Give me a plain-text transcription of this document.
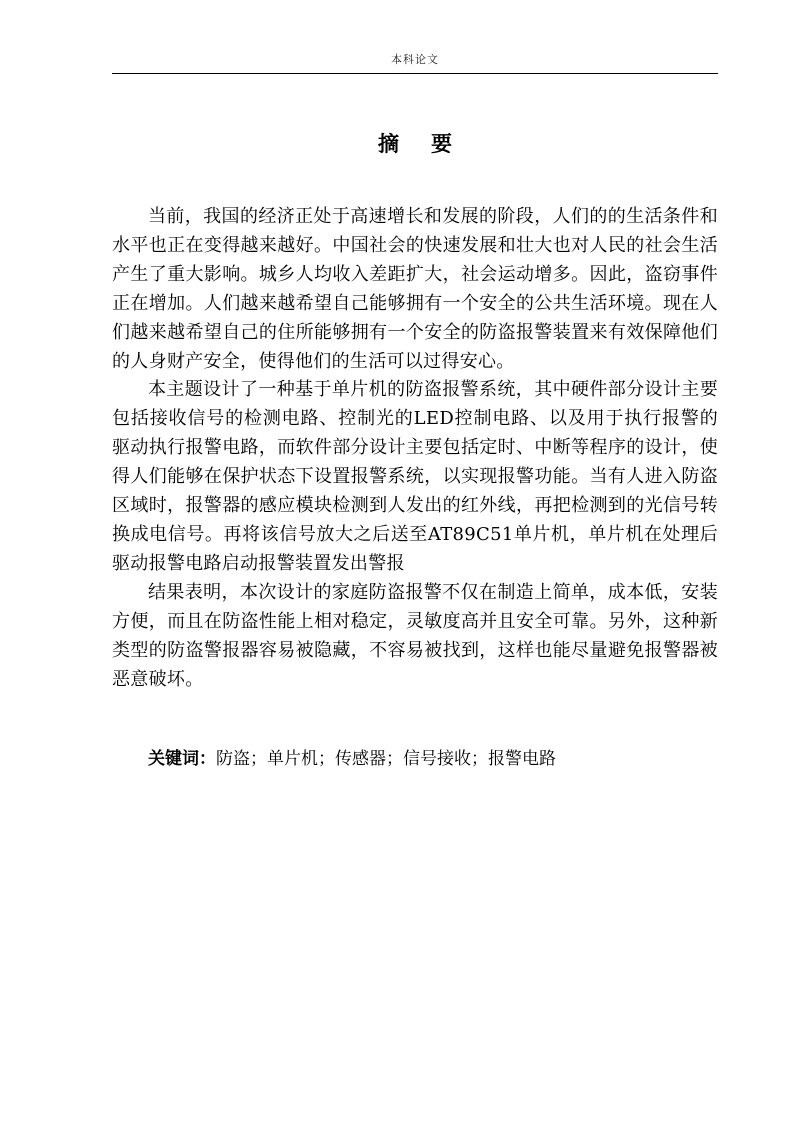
本科论文
摘要

当前，我国的经济正处于高速增长和发展的阶段，人们的的生活条件和水平也正在变得越来越好。中国社会的快速发展和壮大也对人民的社会生活产生了重大影响。城乡人均收入差距扩大，社会运动增多。因此，盗窃事件正在增加。人们越来越希望自己能够拥有一个安全的公共生活环境。现在人们越来越希望自己的住所能够拥有一个安全的防盗报警装置来有效保障他们的人身财产安全，使得他们的生活可以过得安心。

本主题设计了一种基于单片机的防盗报警系统，其中硬件部分设计主要包括接收信号的检测电路、控制光的LED控制电路、以及用于执行报警的驱动执行报警电路，而软件部分设计主要包括定时、中断等程序的设计，使得人们能够在保护状态下设置报警系统，以实现报警功能。当有人进入防盗区域时，报警器的感应模块检测到人发出的红外线，再把检测到的光信号转换成电信号。再将该信号放大之后送至AT89C51单片机，单片机在处理后驱动报警电路启动报警装置发出警报

结果表明，本次设计的家庭防盗报警不仅在制造上简单，成本低，安装方便，而且在防盗性能上相对稳定，灵敏度高并且安全可靠。另外，这种新类型的防盗警报器容易被隐藏，不容易被找到，这样也能尽量避免报警器被恶意破坏。

关键词：防盗；单片机；传感器；信号接收；报警电路
